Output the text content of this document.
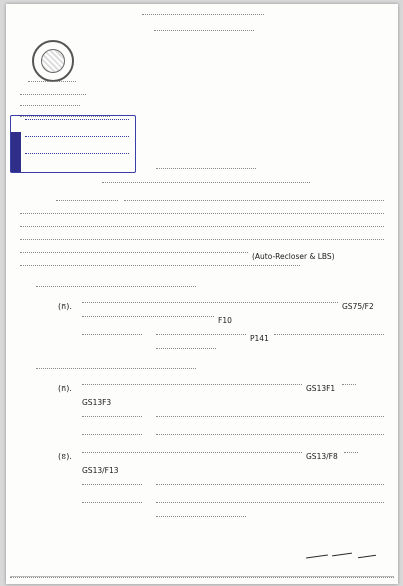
(Auto-Recloser & LBS)
(ក).	GS75/F2
F10
P141
(ក).	GS13F1
GS13F3
(ខ).	GS13/F8
GS13/F13
